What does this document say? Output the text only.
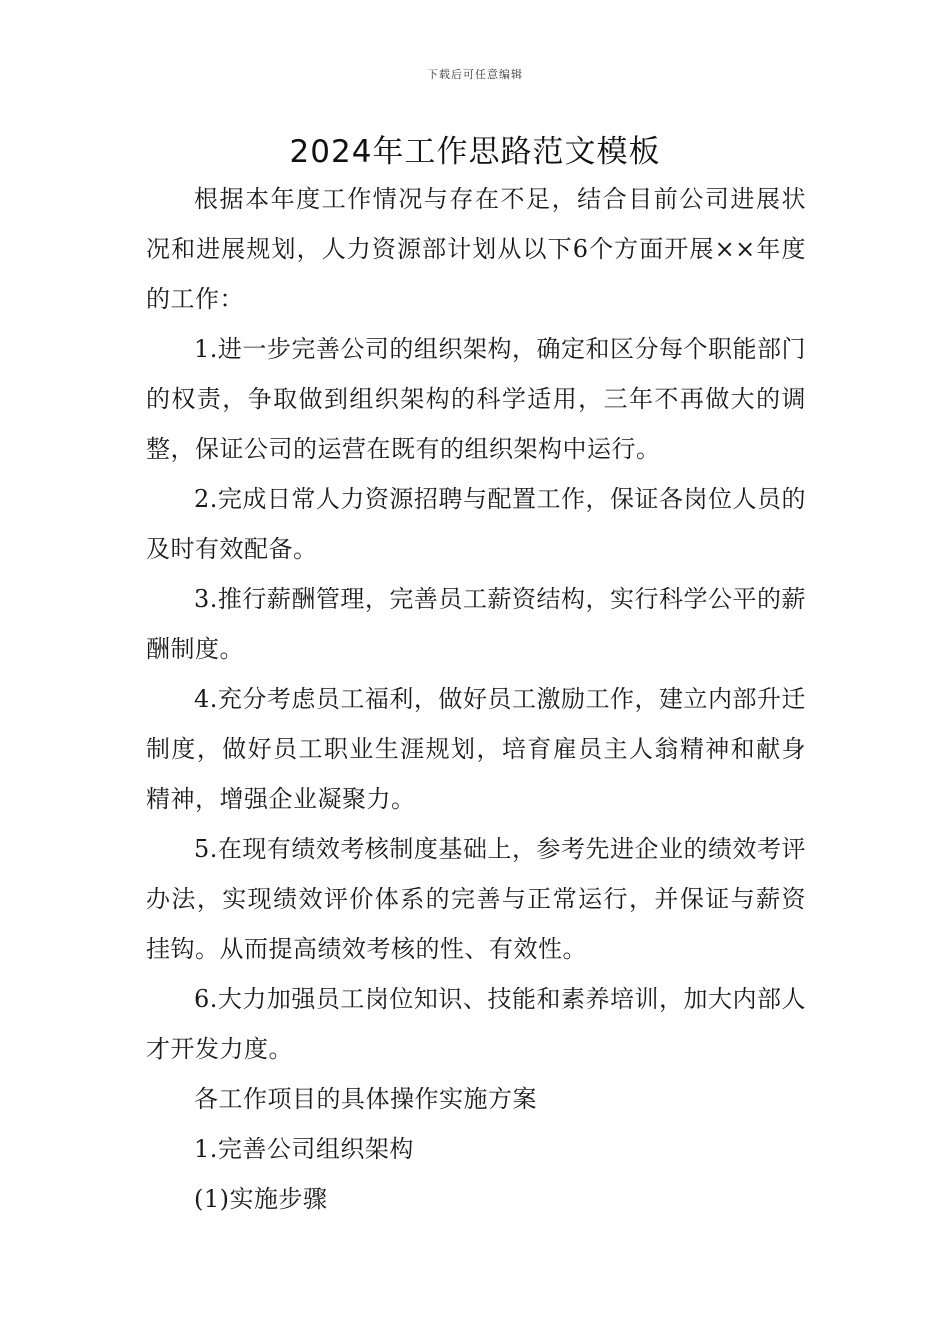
下载后可任意编辑
2024年工作思路范文模板

根据本年度工作情况与存在不足，结合目前公司进展状况和进展规划，人力资源部计划从以下6个方面开展××年度的工作：

1.进一步完善公司的组织架构，确定和区分每个职能部门的权责，争取做到组织架构的科学适用，三年不再做大的调整，保证公司的运营在既有的组织架构中运行。

2.完成日常人力资源招聘与配置工作，保证各岗位人员的及时有效配备。

3.推行薪酬管理，完善员工薪资结构，实行科学公平的薪酬制度。

4.充分考虑员工福利，做好员工激励工作，建立内部升迁制度，做好员工职业生涯规划，培育雇员主人翁精神和献身精神，增强企业凝聚力。

5.在现有绩效考核制度基础上，参考先进企业的绩效考评办法，实现绩效评价体系的完善与正常运行，并保证与薪资挂钩。从而提高绩效考核的性、有效性。

6.大力加强员工岗位知识、技能和素养培训，加大内部人才开发力度。

各工作项目的具体操作实施方案

1.完善公司组织架构

(1)实施步骤
